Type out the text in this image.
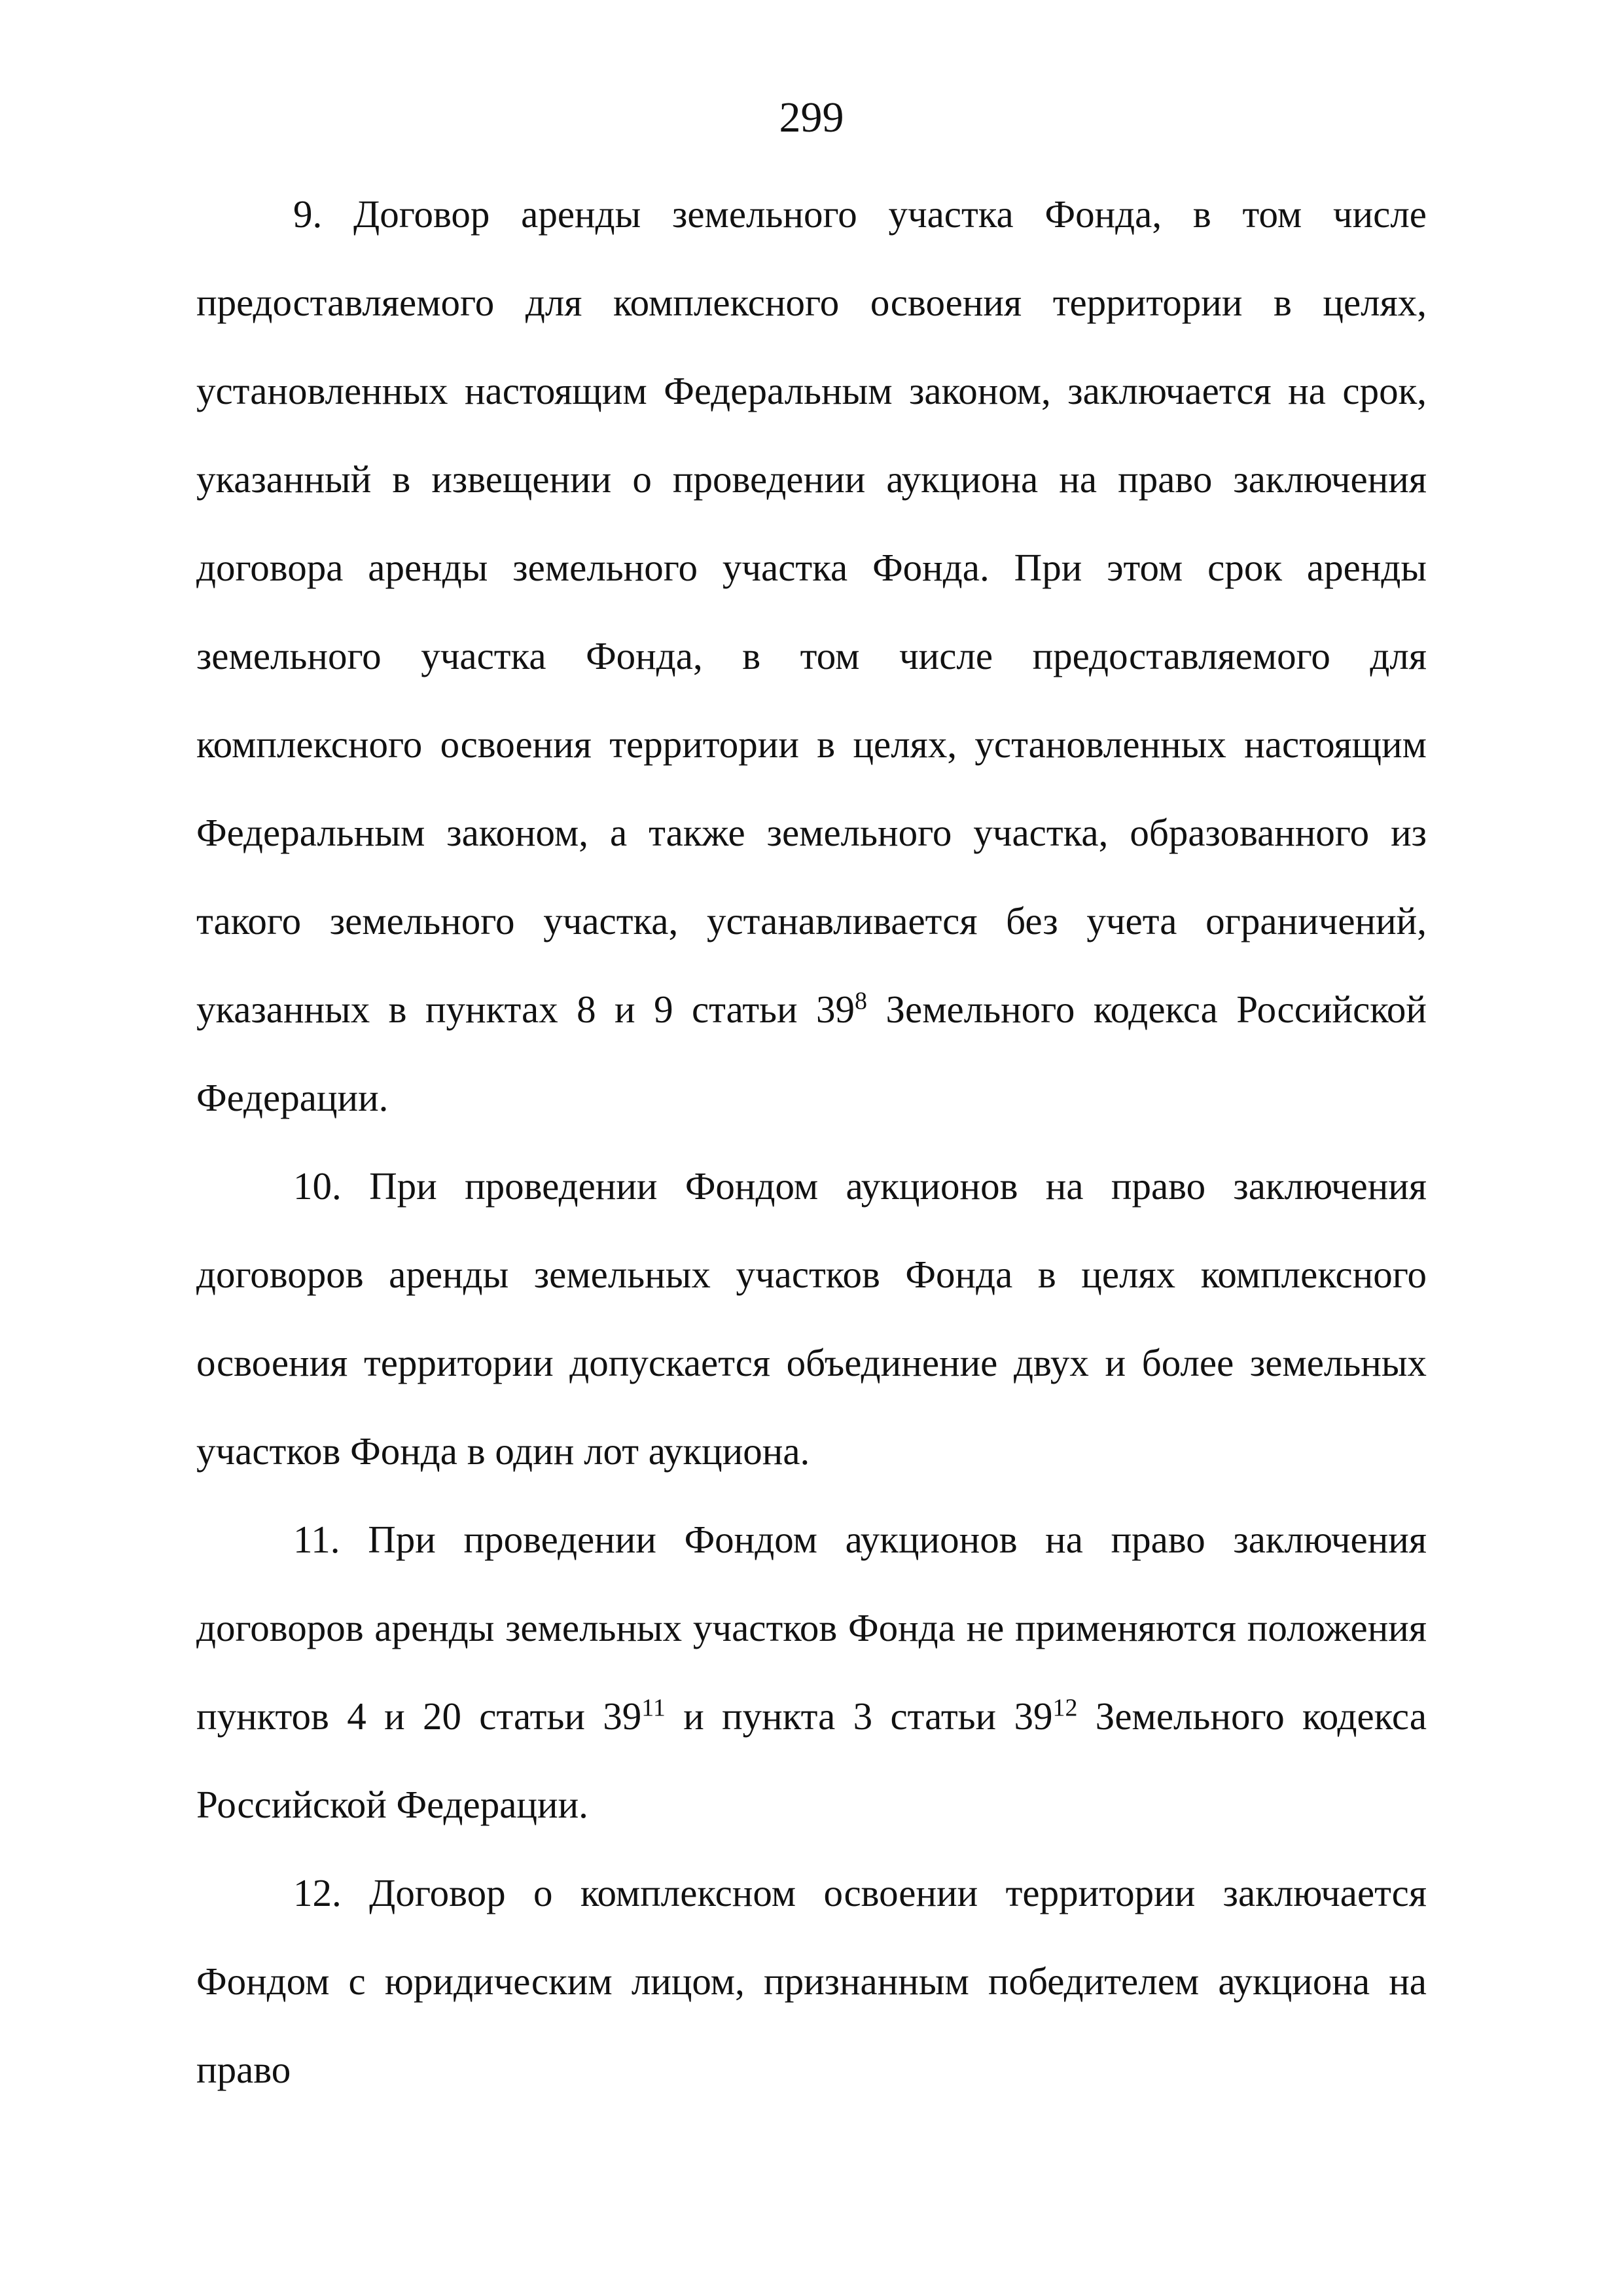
299

9. Договор аренды земельного участка Фонда, в том числе предоставляемого для комплексного освоения территории в целях, установленных настоящим Федеральным законом, заключается на срок, указанный в извещении о проведении аукциона на право заключения договора аренды земельного участка Фонда. При этом срок аренды земельного участка Фонда, в том числе предоставляемого для комплексного освоения территории в целях, установленных настоящим Федеральным законом, а также земельного участка, образованного из такого земельного участка, устанавливается без учета ограничений, указанных в пунктах 8 и 9 статьи $39^8$ Земельного кодекса Российской Федерации.

10. При проведении Фондом аукционов на право заключения договоров аренды земельных участков Фонда в целях комплексного освоения территории допускается объединение двух и более земельных участков Фонда в один лот аукциона.

11. При проведении Фондом аукционов на право заключения договоров аренды земельных участков Фонда не применяются положения пунктов 4 и 20 статьи $39^{11}$ и пункта 3 статьи $39^{12}$ Земельного кодекса Российской Федерации.

12. Договор о комплексном освоении территории заключается Фондом с юридическим лицом, признанным победителем аукциона на право
